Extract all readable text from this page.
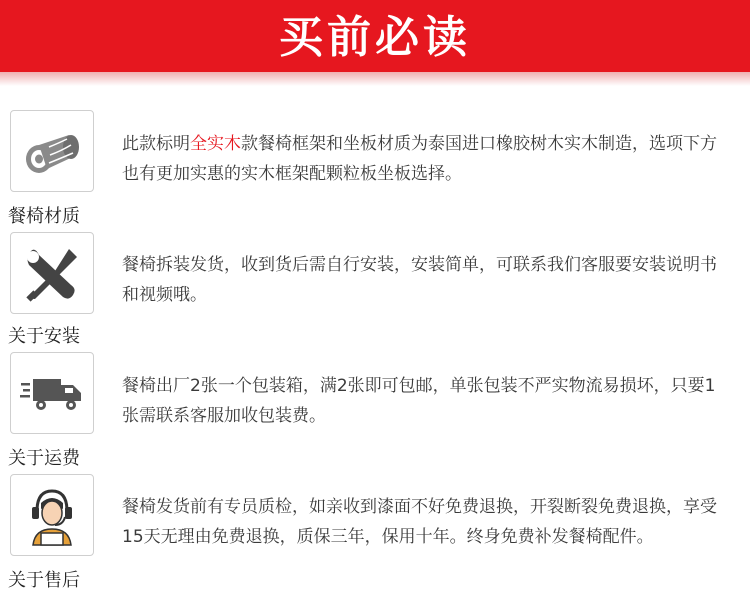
买前必读
餐椅材质
此款标明全实木款餐椅框架和坐板材质为泰国进口橡胶树木实木制造，选项下方也有更加实惠的实木框架配颗粒板坐板选择。
关于安装
餐椅拆装发货，收到货后需自行安装，安装简单，可联系我们客服要安装说明书和视频哦。
关于运费
餐椅出厂2张一个包装箱，满2张即可包邮，单张包装不严实物流易损坏，只要1张需联系客服加收包装费。
关于售后
餐椅发货前有专员质检，如亲收到漆面不好免费退换，开裂断裂免费退换，享受15天无理由免费退换，质保三年，保用十年。终身免费补发餐椅配件。
